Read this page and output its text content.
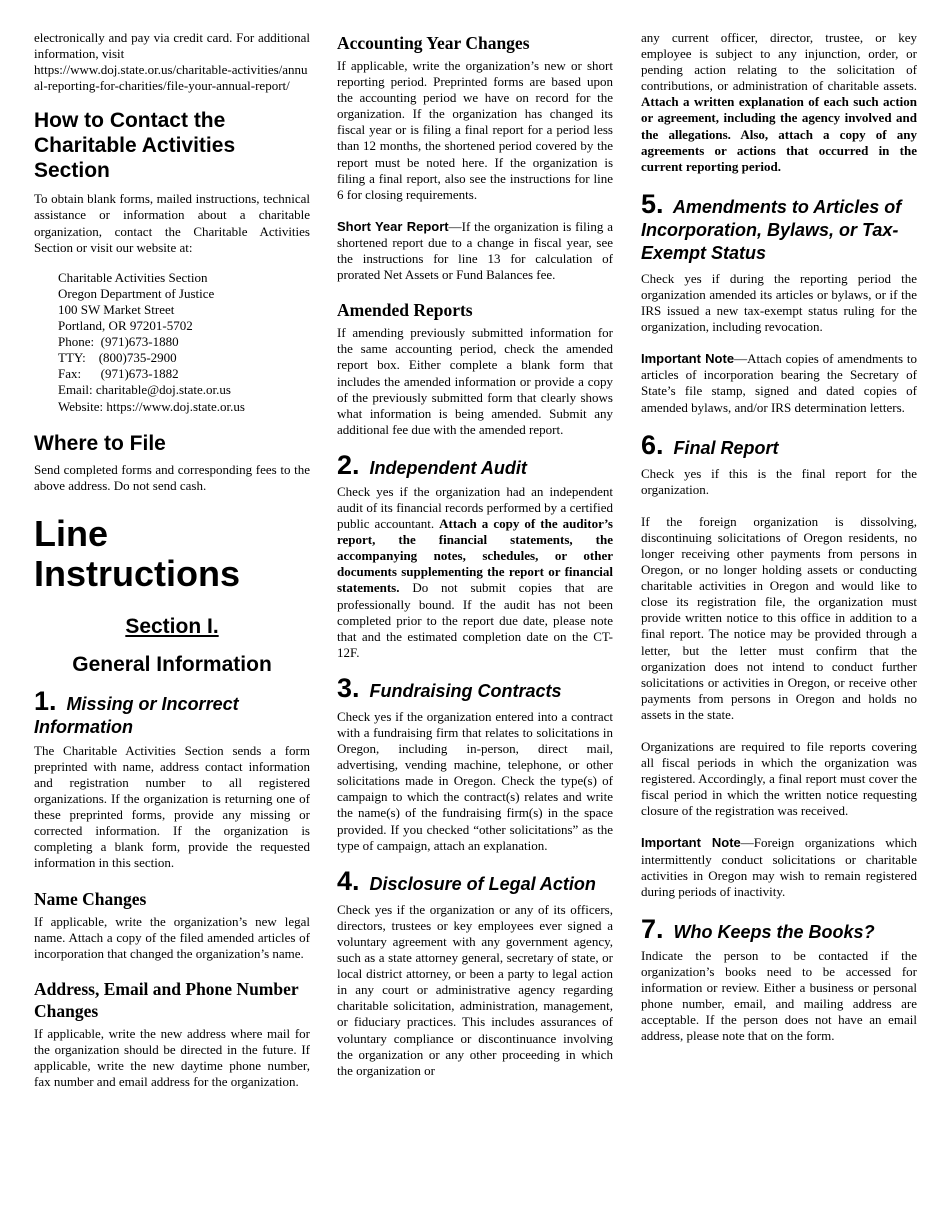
electronically and pay via credit card. For additional information, visit

https://www.doj.state.or.us/charitable-activities/annual-reporting-for-charities/file-your-annual-report/
How to Contact the Charitable Activities Section

To obtain blank forms, mailed instructions, technical assistance or information about a charitable organization, contact the Charitable Activities Section or visit our website at:

Charitable Activities Section

Oregon Department of Justice

100 SW Market Street

Portland, OR 97201-5702

Phone:  (971)673-1880

TTY:    (800)735-2900

Fax:      (971)673-1882

Email: charitable@doj.state.or.us

Website: https://www.doj.state.or.us

Where to File

Send completed forms and corresponding fees to the above address. Do not send cash.

Line Instructions
Section I.
General Information
1. Missing or Incorrect Information

The Charitable Activities Section sends a form preprinted with name, address contact information and registration number to all registered organizations. If the organization is returning one of these preprinted forms, provide any missing or corrected information. If the organization is completing a blank form, provide the requested information in this section.

Name Changes

If applicable, write the organization’s new legal name. Attach a copy of the filed amended articles of incorporation that changed the organization’s name.

Address, Email and Phone Number Changes

If applicable, write the new address where mail for the organization should be directed in the future. If applicable, write the new daytime phone number, fax number and email address for the organization.

Accounting Year Changes

If applicable, write the organization’s new or short reporting period. Preprinted forms are based upon the accounting period we have on record for the organization. If the organization has changed its fiscal year or is filing a final report for a period less than 12 months, the shortened period covered by the report must be noted here. If the organization is filing a final report, also see the instructions for line 6 for closing requirements.

Short Year Report—If the organization is filing a shortened report due to a change in fiscal year, see the instructions for line 13 for calculation of prorated Net Assets or Fund Balances fee.

Amended Reports

If amending previously submitted information for the same accounting period, check the amended report box. Either complete a blank form that includes the amended information or provide a copy of the previously submitted form that clearly shows what information is being amended. Submit any additional fee due with the amended report.

2. Independent Audit

Check yes if the organization had an independent audit of its financial records performed by a certified public accountant. Attach a copy of the auditor’s report, the financial statements, the accompanying notes, schedules, or other documents supplementing the report or financial statements. Do not submit copies that are professionally bound. If the audit has not been completed prior to the report due date, please note that and the estimated completion date on the CT-12F.

3. Fundraising Contracts

Check yes if the organization entered into a contract with a fundraising firm that relates to solicitations in Oregon, including in-person, direct mail, advertising, vending machine, telephone, or other solicitations made in Oregon. Check the type(s) of campaign to which the contract(s) relates and write the name(s) of the fundraising firm(s) in the space provided. If you checked “other solicitations” as the type of campaign, attach an explanation.

4. Disclosure of Legal Action

Check yes if the organization or any of its officers, directors, trustees or key employees ever signed a voluntary agreement with any government agency, such as a state attorney general, secretary of state, or local district attorney, or been a party to legal action in any court or administrative agency regarding charitable solicitation, administration, management, or fiduciary practices. This includes assurances of voluntary compliance or discontinuance involving the organization or any other proceeding in which the organization or

any current officer, director, trustee, or key employee is subject to any injunction, order, or pending action relating to the solicitation of contributions, or administration of charitable assets. Attach a written explanation of each such action or agreement, including the agency involved and the allegations. Also, attach a copy of any agreements or actions that occurred in the current reporting period.

5. Amendments to Articles of Incorporation, Bylaws, or Tax-Exempt Status

Check yes if during the reporting period the organization amended its articles or bylaws, or if the IRS issued a new tax-exempt status ruling for the organization, including revocation.

Important Note—Attach copies of amendments to articles of incorporation bearing the Secretary of State’s file stamp, signed and dated copies of amended bylaws, and/or IRS determination letters.

6. Final Report

Check yes if this is the final report for the organization.

If the foreign organization is dissolving, discontinuing solicitations of Oregon residents, no longer receiving other payments from persons in Oregon, or no longer holding assets or conducting charitable activities in Oregon and would like to close its registration file, the organization must provide written notice to this office in addition to a final report. The notice may be provided through a letter, but the letter must confirm that the organization does not intend to conduct further solicitations or activities in Oregon, or receive other payments from persons in Oregon and holds no assets in the state.

Organizations are required to file reports covering all fiscal periods in which the organization was registered. Accordingly, a final report must cover the fiscal period in which the written notice requesting closure of the registration was received.

Important Note—Foreign organizations which intermittently conduct solicitations or charitable activities in Oregon may wish to remain registered during periods of inactivity.

7. Who Keeps the Books?

Indicate the person to be contacted if the organization’s books need to be accessed for information or review. Either a business or personal phone number, email, and mailing address are acceptable. If the person does not have an email address, please note that on the form.
